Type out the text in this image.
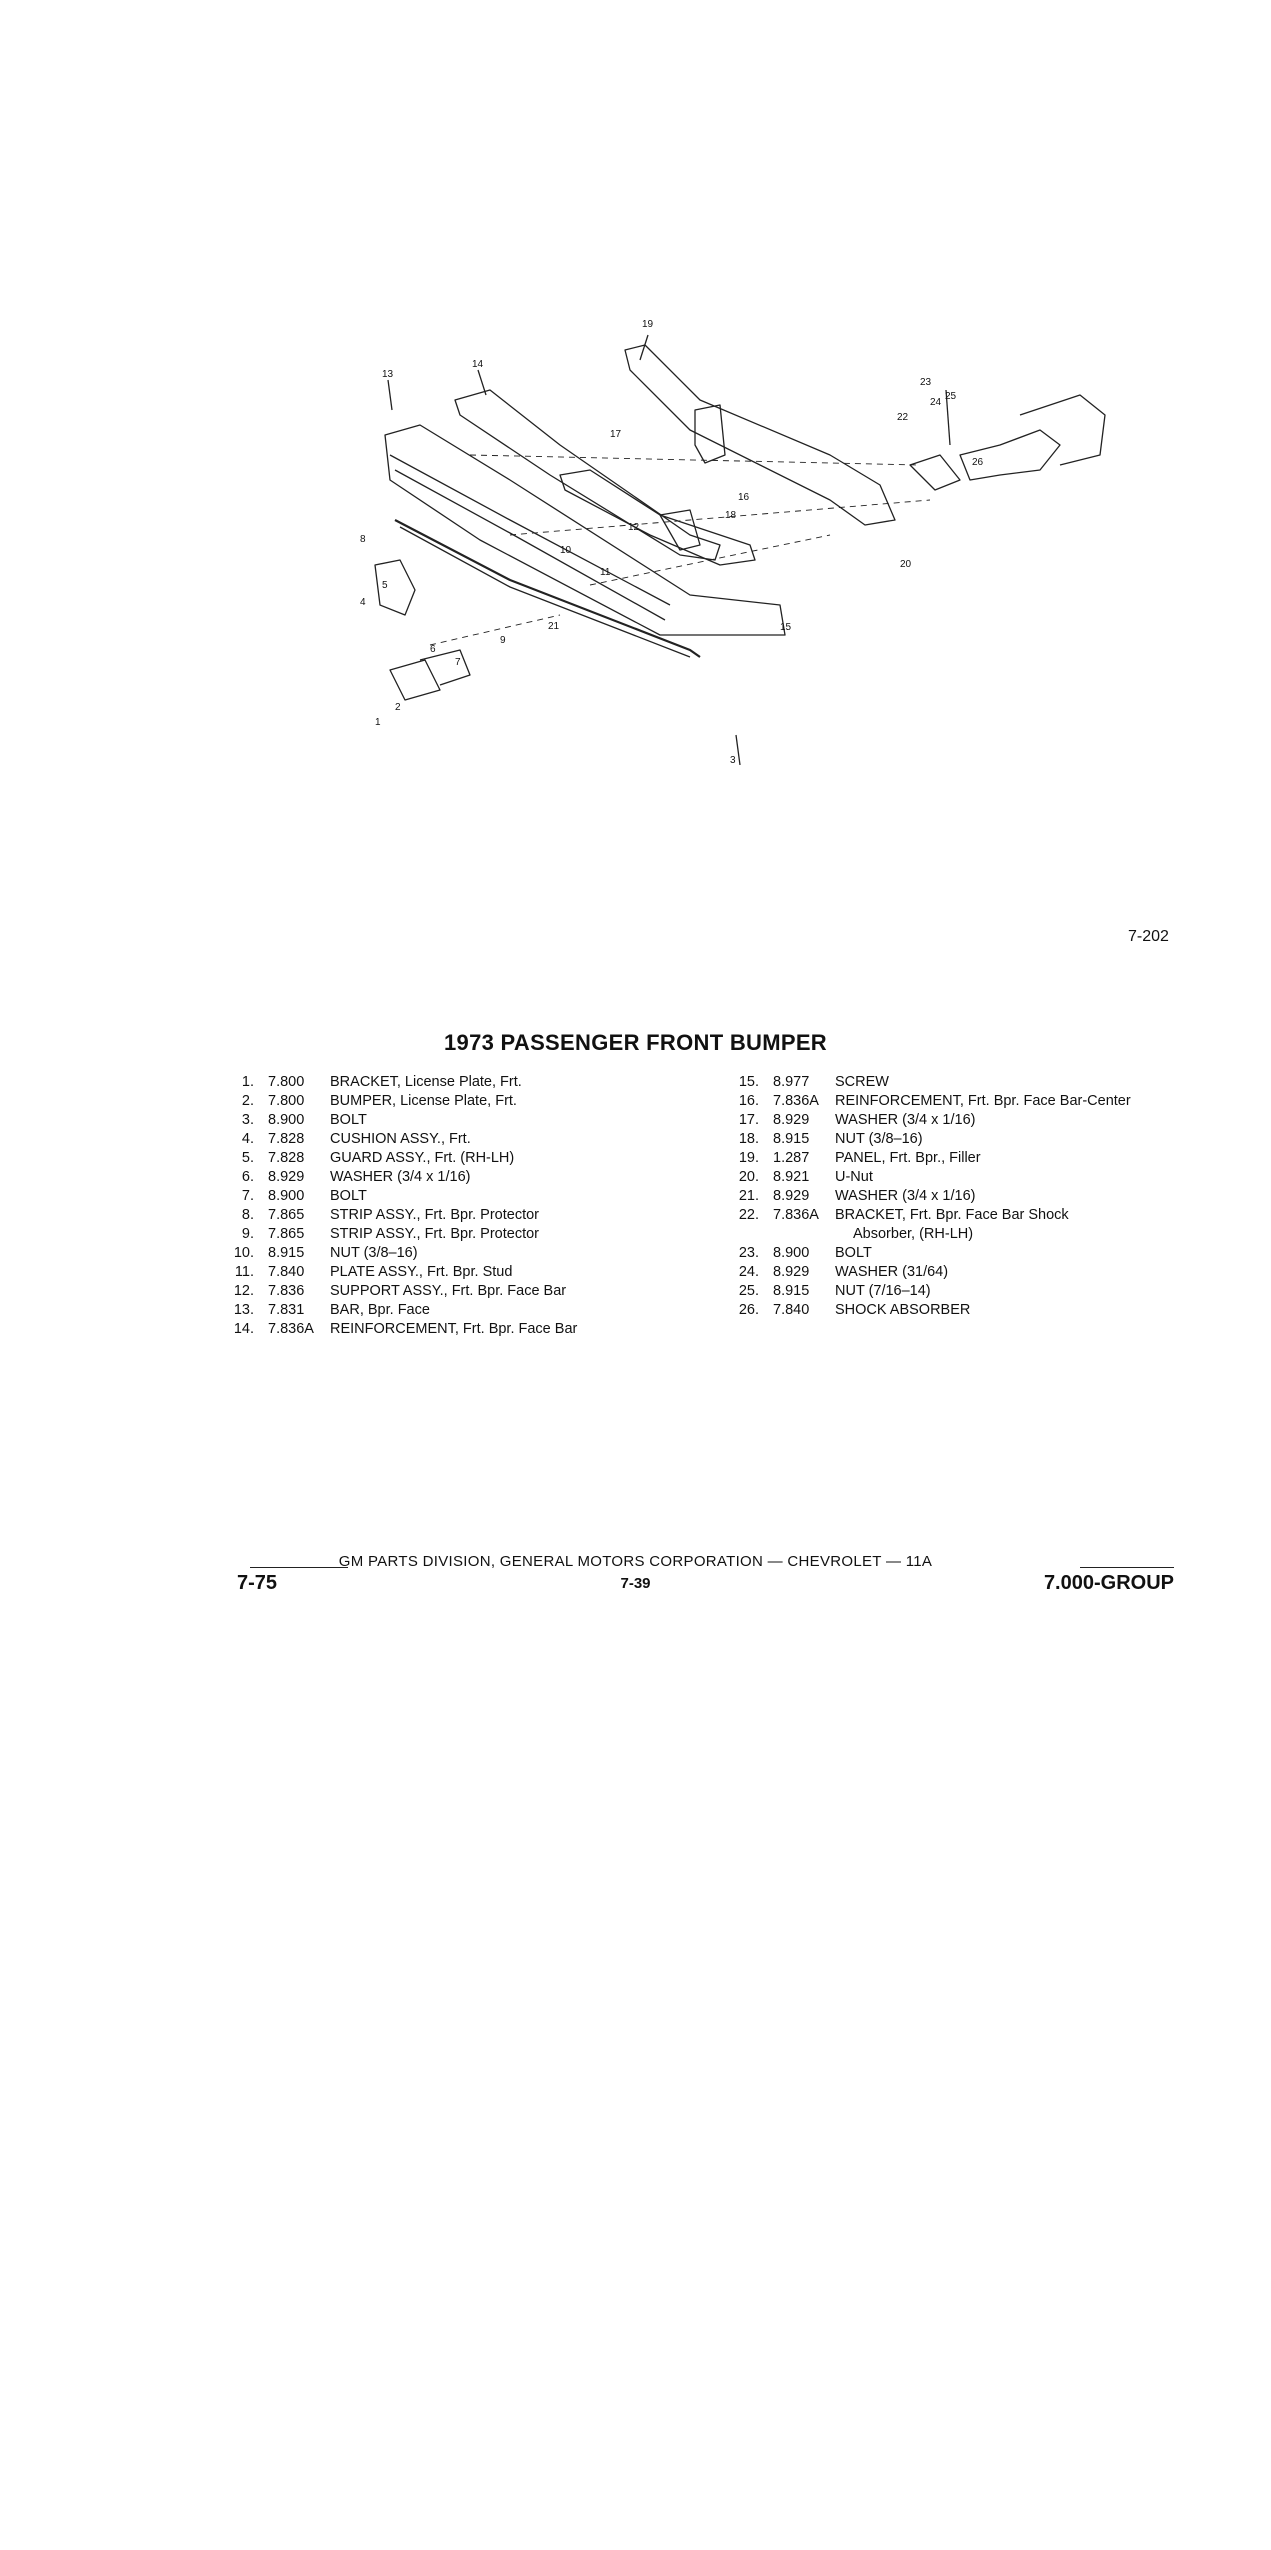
1
2
3
4
5
6
7
8
9
10
11
12
13
14
15
16
17
18
19
20
21
22
23
24
25
26
7-202
1973 PASSENGER FRONT BUMPER
1. 7.800	BRACKET, License Plate, Frt.
2. 7.800	BUMPER, License Plate, Frt.
3. 8.900	BOLT
4. 7.828	CUSHION ASSY., Frt.
5. 7.828	GUARD ASSY., Frt. (RH-LH)
6. 8.929	WASHER (3/4 x 1/16)
7. 8.900	BOLT
8. 7.865	STRIP ASSY., Frt. Bpr. Protector
9. 7.865	STRIP ASSY., Frt. Bpr. Protector
10. 8.915	NUT (3/8–16)
11. 7.840	PLATE ASSY., Frt. Bpr. Stud
12. 7.836	SUPPORT ASSY., Frt. Bpr. Face Bar
13. 7.831	BAR, Bpr. Face
14. 7.836A	REINFORCEMENT, Frt. Bpr. Face Bar
15. 8.977	SCREW
16. 7.836A	REINFORCEMENT, Frt. Bpr. Face Bar-Center
17. 8.929	WASHER (3/4 x 1/16)
18. 8.915	NUT (3/8–16)
19. 1.287	PANEL, Frt. Bpr., Filler
20. 8.921	U-Nut
21. 8.929	WASHER (3/4 x 1/16)
22. 7.836A	BRACKET, Frt. Bpr. Face Bar Shock
Absorber, (RH-LH)
23. 8.900	BOLT
24. 8.929	WASHER (31/64)
25. 8.915	NUT (7/16–14)
26. 7.840	SHOCK ABSORBER
GM PARTS DIVISION, GENERAL MOTORS CORPORATION — CHEVROLET — 11A
7-75	7-39	7.000-GROUP
